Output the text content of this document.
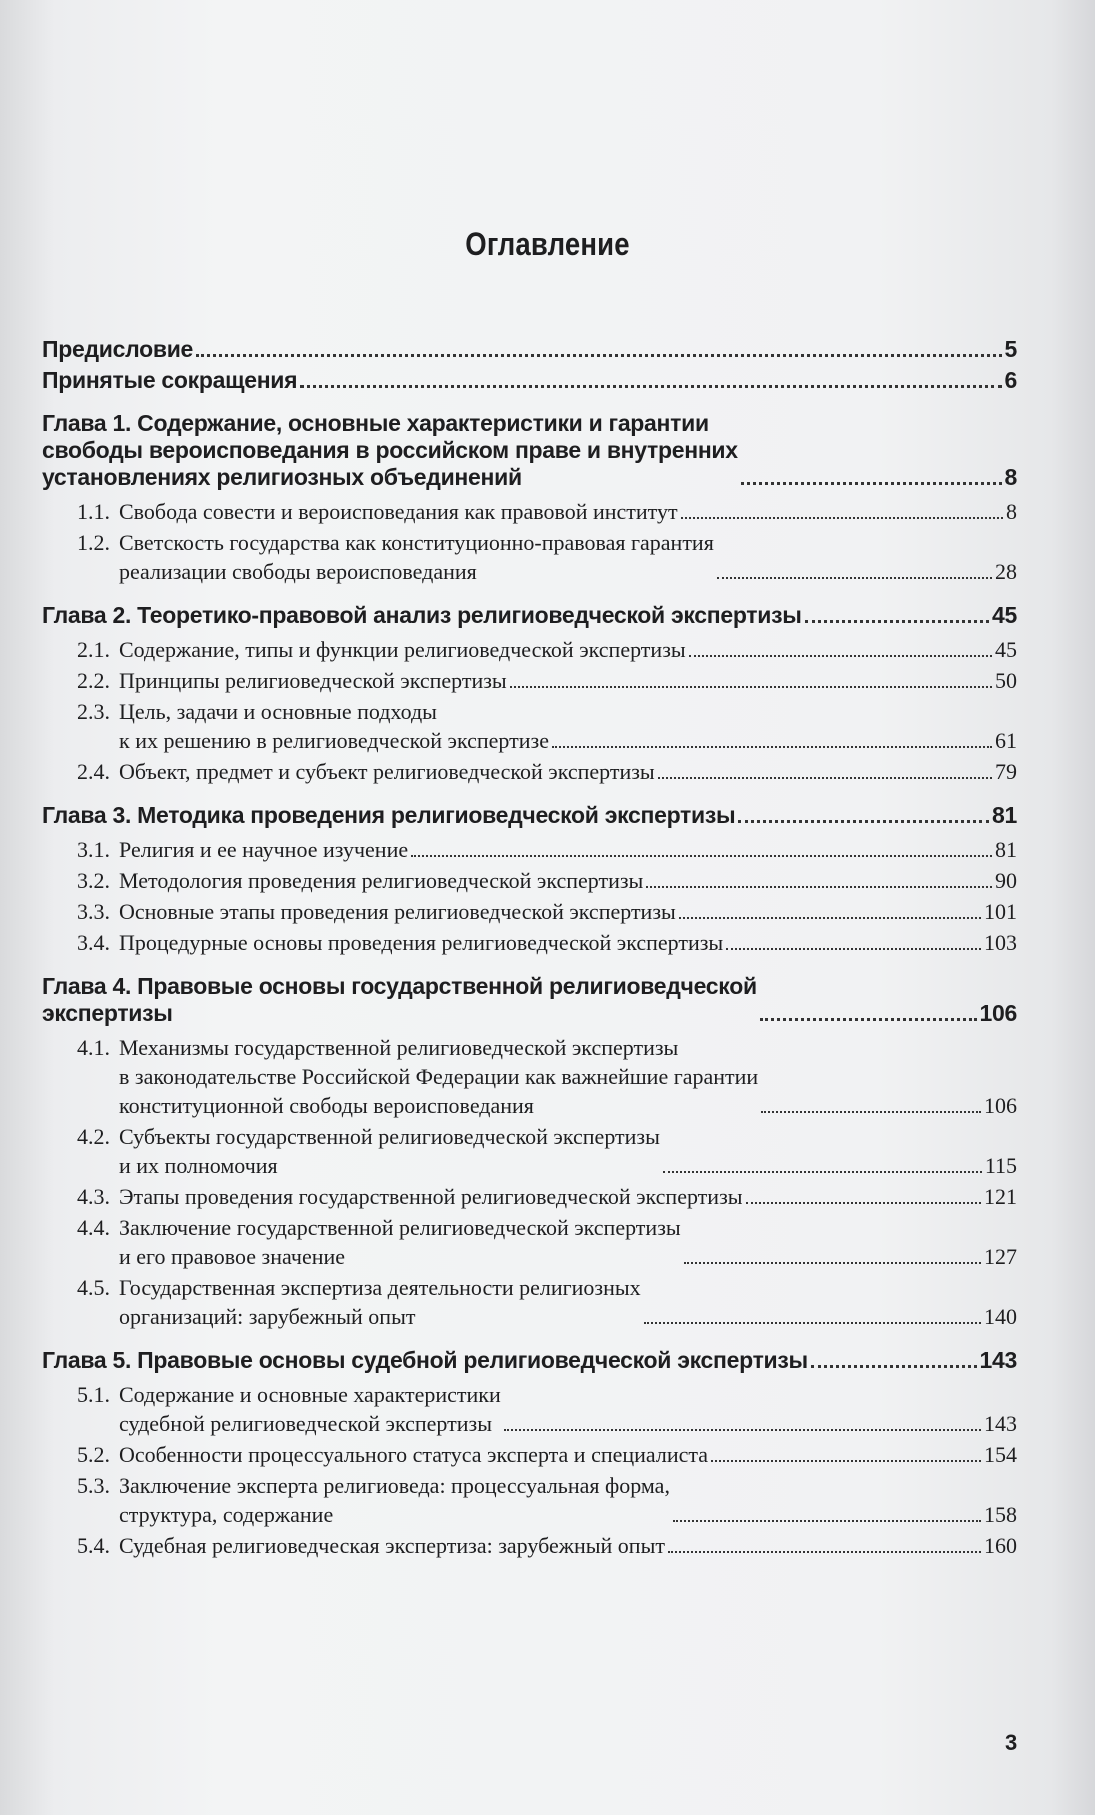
Оглавление
Предисловие	5
Принятые сокращения	6
Глава 1. Содержание, основные характеристики и гарантии
свободы вероисповедания в российском праве и внутренних
установлениях религиозных объединений	8
1.1. Свобода совести и вероисповедания как правовой институт	8
1.2. Светскость государства как конституционно-правовая гарантия
реализации свободы вероисповедания	28
Глава 2. Теоретико-правовой анализ религиоведческой экспертизы	45
2.1. Содержание, типы и функции религиоведческой экспертизы	45
2.2. Принципы религиоведческой экспертизы	50
2.3. Цель, задачи и основные подходы
к их решению в религиоведческой экспертизе	61
2.4. Объект, предмет и субъект религиоведческой экспертизы	79
Глава 3. Методика проведения религиоведческой экспертизы	81
3.1. Религия и ее научное изучение	81
3.2. Методология проведения религиоведческой экспертизы	90
3.3. Основные этапы проведения религиоведческой экспертизы	101
3.4. Процедурные основы проведения религиоведческой экспертизы	103
Глава 4. Правовые основы государственной религиоведческой
экспертизы	106
4.1. Механизмы государственной религиоведческой экспертизы
в законодательстве Российской Федерации как важнейшие гарантии
конституционной свободы вероисповедания	106
4.2. Субъекты государственной религиоведческой экспертизы
и их полномочия	115
4.3. Этапы проведения государственной религиоведческой экспертизы	121
4.4. Заключение государственной религиоведческой экспертизы
и его правовое значение	127
4.5. Государственная экспертиза деятельности религиозных
организаций: зарубежный опыт	140
Глава 5. Правовые основы судебной религиоведческой экспертизы	143
5.1. Содержание и основные характеристики
судебной религиоведческой экспертизы	143
5.2. Особенности процессуального статуса эксперта и специалиста	154
5.3. Заключение эксперта религиоведа: процессуальная форма,
структура, содержание	158
5.4. Судебная религиоведческая экспертиза: зарубежный опыт	160
3
